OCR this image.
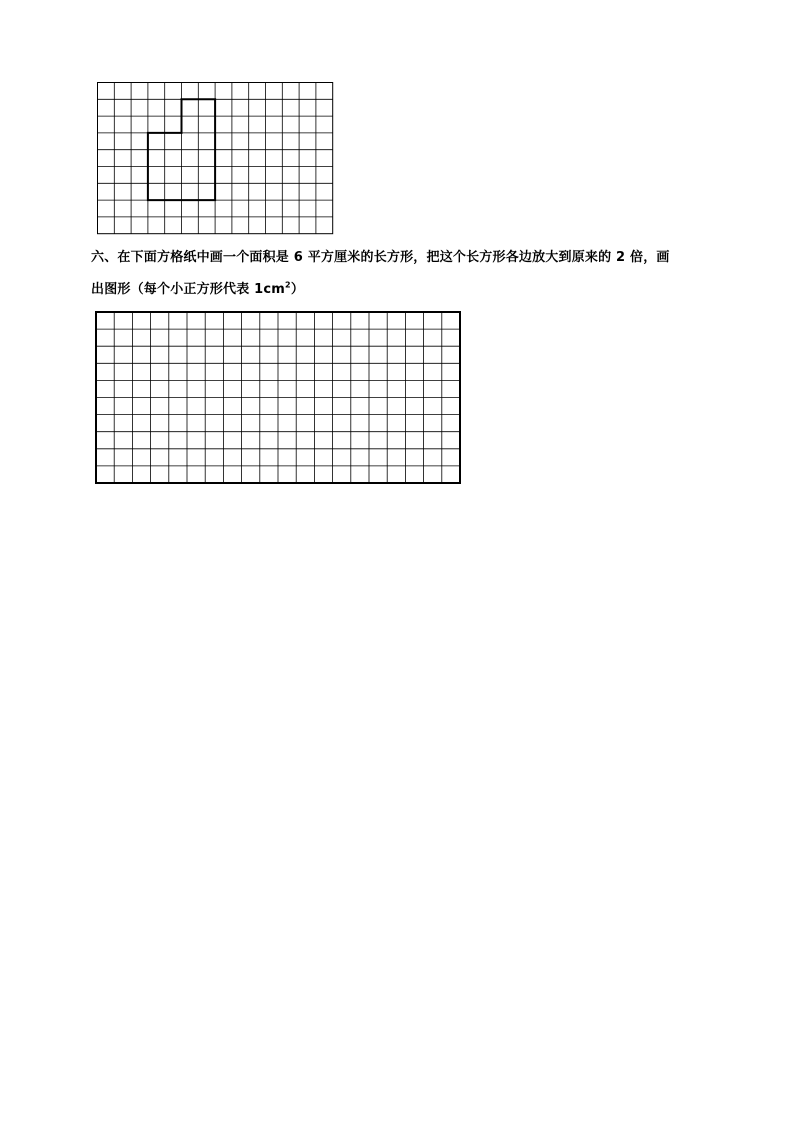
六、在下面方格纸中画一个面积是 6 平方厘米的长方形，把这个长方形各边放大到原来的 2 倍，画
出图形（每个小正方形代表 $1cm^2$）
